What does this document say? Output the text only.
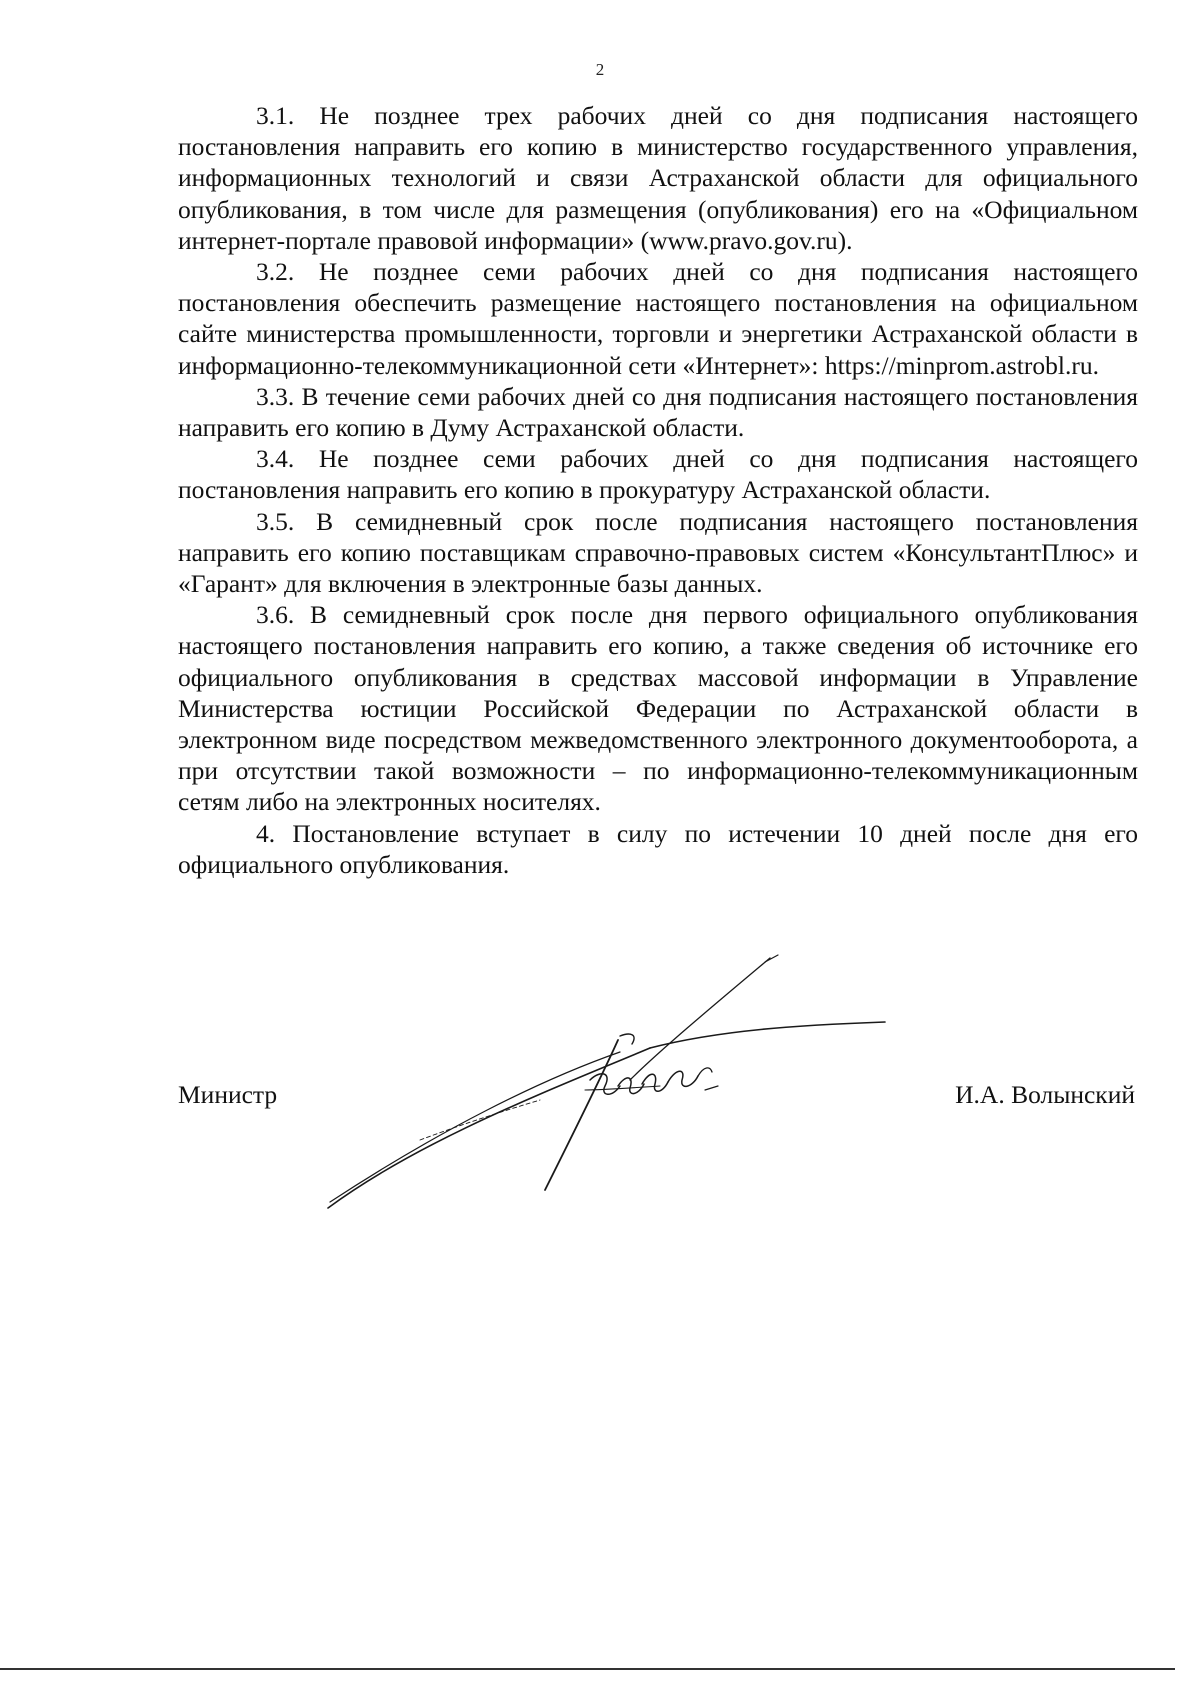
2

3.1. Не позднее трех рабочих дней со дня подписания настоящего постановления направить его копию в министерство государственного управления, информационных технологий и связи Астраханской области для официального опубликования, в том числе для размещения (опубликования) его на «Официальном интернет-портале правовой информации» (www.pravo.gov.ru).

3.2. Не позднее семи рабочих дней со дня подписания настоящего постановления обеспечить размещение настоящего постановления на официальном сайте министерства промышленности, торговли и энергетики Астраханской области в информационно-телекоммуникационной сети «Интернет»: https://minprom.astrobl.ru.

3.3. В течение семи рабочих дней со дня подписания настоящего постановления направить его копию в Думу Астраханской области.

3.4. Не позднее семи рабочих дней со дня подписания настоящего постановления направить его копию в прокуратуру Астраханской области.

3.5. В семидневный срок после подписания настоящего постановления направить его копию поставщикам справочно-правовых систем «КонсультантПлюс» и «Гарант» для включения в электронные базы данных.

3.6. В семидневный срок после дня первого официального опубликования настоящего постановления направить его копию, а также сведения об источнике его официального опубликования в средствах массовой информации в Управление Министерства юстиции Российской Федерации по Астраханской области в электронном виде посредством межведомственного электронного документооборота, а при отсутствии такой возможности – по информационно-телекоммуникационным сетям либо на электронных носителях.

4. Постановление вступает в силу по истечении 10 дней после дня его официального опубликования.

Министр	И.А. Волынский
